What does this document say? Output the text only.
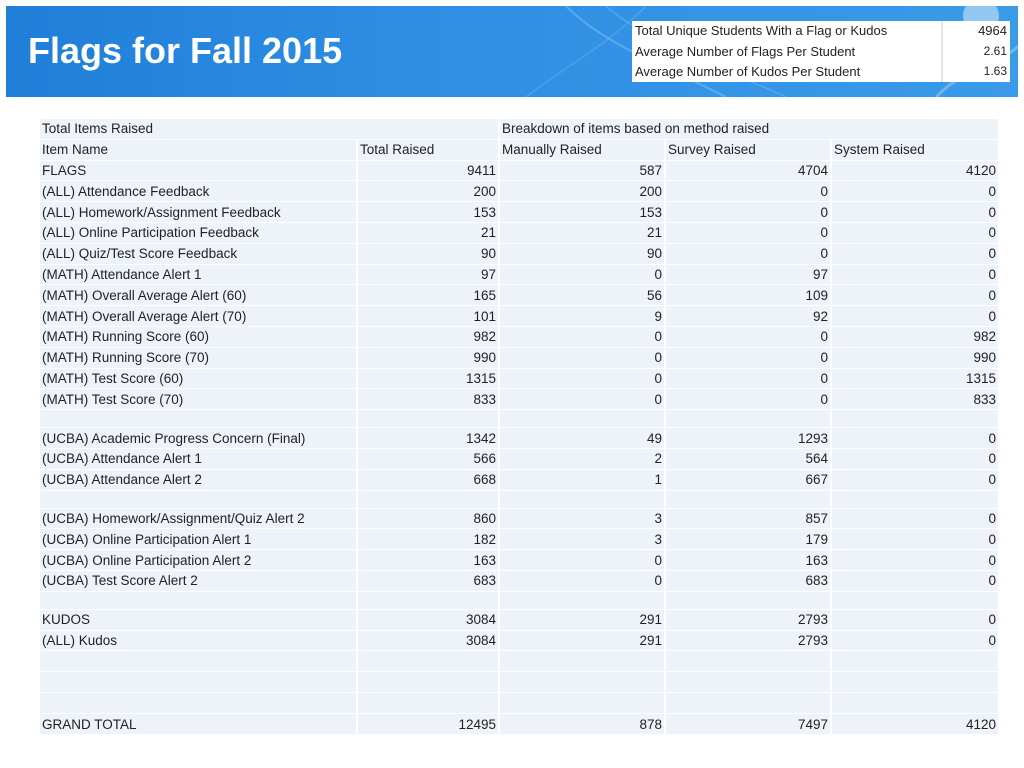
Flags for Fall 2015	Total Unique Students With a Flag or Kudos	4964
Average Number of Flags Per Student	2.61
Average Number of Kudos Per Student	1.63
Total Items Raised		Breakdown of items based on method raised		
Item Name	Total Raised	Manually Raised	Survey Raised	System Raised
FLAGS	9411	587	4704	4120
(ALL) Attendance Feedback	200	200	0	0
(ALL) Homework/Assignment Feedback	153	153	0	0
(ALL) Online Participation Feedback	21	21	0	0
(ALL) Quiz/Test Score Feedback	90	90	0	0
(MATH) Attendance Alert 1	97	0	97	0
(MATH) Overall Average Alert (60)	165	56	109	0
(MATH) Overall Average Alert (70)	101	9	92	0
(MATH) Running Score (60)	982	0	0	982
(MATH) Running Score (70)	990	0	0	990
(MATH) Test Score (60)	1315	0	0	1315
(MATH) Test Score (70)	833	0	0	833

(UCBA) Academic Progress Concern (Final)	1342	49	1293	0
(UCBA) Attendance Alert 1	566	2	564	0
(UCBA) Attendance Alert 2	668	1	667	0

(UCBA) Homework/Assignment/Quiz Alert 2	860	3	857	0
(UCBA) Online Participation Alert 1	182	3	179	0
(UCBA) Online Participation Alert 2	163	0	163	0
(UCBA) Test Score Alert 2	683	0	683	0

KUDOS	3084	291	2793	0
(ALL) Kudos	3084	291	2793	0

GRAND TOTAL	12495	878	7497	4120
